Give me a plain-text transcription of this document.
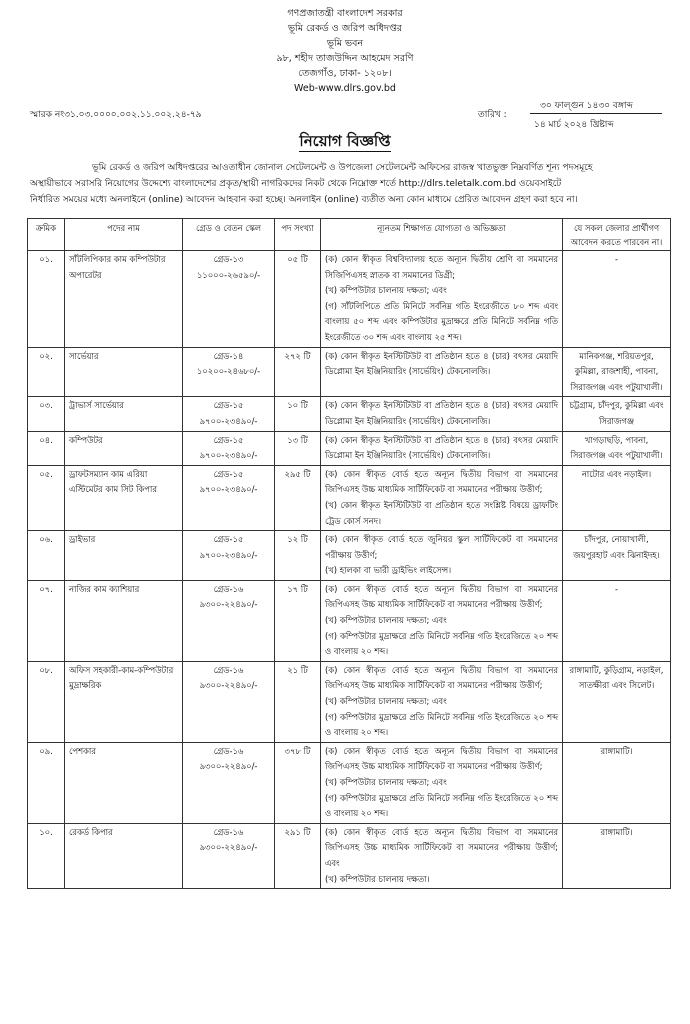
গণপ্রজাতন্ত্রী বাংলাদেশ সরকার
ভূমি রেকর্ড ও জরিপ অধিদপ্তর
ভূমি ভবন
৯৮, শহীদ তাজউদ্দিন আহমেদ সরণি
তেজগাঁও, ঢাকা- ১২০৮।
Web-www.dlrs.gov.bd
স্মারক নং৩১.০৩.০০০০.০০২.১১.০০২.২৪-৭৯	তারিখ :
৩০ ফাল্গুন ১৪৩০ বঙ্গাব্দ
১৪ মার্চ ২০২৪ খ্রিষ্টাব্দ
নিয়োগ বিজ্ঞপ্তি

ভূমি রেকর্ড ও জরিপ অধিদপ্তরের আওতাধীন জোনাল সেটেলমেন্ট ও উপজেলা সেটেলমেন্ট অফিসের রাজস্ব খাতভুক্ত নিম্নবর্ণিত শূন্য পদসমূহে

অস্থায়ীভাবে সরাসরি নিয়োগের উদ্দেশ্যে বাংলাদেশের প্রকৃত/স্থায়ী নাগরিকদের নিকট থেকে নিম্নোক্ত শর্তে http://dlrs.teletalk.com.bd ওয়েবসাইটে

নির্ধারিত সময়ের মধ্যে অনলাইনে (online) আবেদন আহবান করা হচ্ছে। অনলাইন (online) ব্যতীত অন্য কোন মাধ্যমে প্রেরিত আবেদন গ্রহণ করা হবে না।

ক্রমিক	পদের নাম	গ্রেড ও বেতন স্কেল	পদ সংখ্যা	ন্যূনতম শিক্ষাগত যোগ্যতা ও অভিজ্ঞতা	যে সকল জেলার প্রার্থীগণ আবেদন করতে পারবেন না।
০১.	সাঁটলিপিকার কাম কম্পিউটার অপারেটর	গ্রেড-১৩
১১০০০-২৬৫৯০/-	০৫ টি	(ক) কোন স্বীকৃত বিশ্ববিদ্যালয় হতে অন্যূন দ্বিতীয় শ্রেণি বা সমমানের সিজিপিএসহ স্নাতক বা সমমানের ডিগ্রী;
(খ) কম্পিউটার চালনায় দক্ষতা; এবং
(গ) সাঁটলিপিতে প্রতি মিনিটে সর্বনিম্ন গতি ইংরেজীতে ৮০ শব্দ এবং বাংলায় ৫০ শব্দ এবং কম্পিউটার মুদ্রাক্ষরে প্রতি মিনিটে সর্বনিম্ন গতি ইংরেজীতে ৩০ শব্দ এবং বাংলায় ২৫ শব্দ।	-
০২.	সার্ভেয়ার	গ্রেড-১৪
১০২০০-২৪৬৮০/-	২৭২ টি	(ক) কোন স্বীকৃত ইনস্টিটিউট বা প্রতিষ্ঠান হতে ৪ (চার) বৎসর মেয়াদি ডিপ্লোমা ইন ইঞ্জিনিয়ারিং (সার্ভেয়িং) টেকনোলজি।	মানিকগঞ্জ, শরিয়তপুর, কুমিল্লা, রাজশাহী, পাবনা, সিরাজগঞ্জ এবং পটুয়াখালী।
০৩.	ট্রাভার্স সার্ভেয়ার	গ্রেড-১৫
৯৭০০-২৩৪৯০/-	১০ টি	(ক) কোন স্বীকৃত ইনস্টিটিউট বা প্রতিষ্ঠান হতে ৪ (চার) বৎসর মেয়াদি ডিপ্লোমা ইন ইঞ্জিনিয়ারিং (সার্ভেয়িং) টেকনোলজি।	চট্টগ্রাম, চাঁদপুর, কুমিল্লা এবং সিরাজগঞ্জ
০৪.	কম্পিউটর	গ্রেড-১৫
৯৭০০-২৩৪৯০/-	১৩ টি	(ক) কোন স্বীকৃত ইনস্টিটিউট বা প্রতিষ্ঠান হতে ৪ (চার) বৎসর মেয়াদি ডিপ্লোমা ইন ইঞ্জিনিয়ারিং (সার্ভেয়িং) টেকনোলজি।	খাগড়াছড়ি, পাবনা, সিরাজগঞ্জ এবং পটুয়াখালী।
০৫.	ড্রাফটসম্যান কাম এরিয়া এস্টিমেটর কাম সিট কিপার	গ্রেড-১৫
৯৭০০-২৩৪৯০/-	২৯৫ টি	(ক) কোন স্বীকৃত বোর্ড হতে অন্যূন দ্বিতীয় বিভাগ বা সমমানের জিপিএসহ উচ্চ মাধ্যমিক সার্টিফিকেট বা সমমানের পরীক্ষায় উত্তীর্ণ;
(খ) কোন স্বীকৃত ইনস্টিটিউট বা প্রতিষ্ঠান হতে সংশ্লিষ্ট বিষয়ে ড্রাফটিং ট্রেড কোর্স সনদ।	নাটোর এবং নড়াইল।
০৬.	ড্রাইভার	গ্রেড-১৫
৯৭০০-২৩৪৯০/-	১২ টি	(ক) কোন স্বীকৃত বোর্ড হতে জুনিয়র স্কুল সার্টিফিকেট বা সমমানের পরীক্ষায় উত্তীর্ণ;
(খ) হালকা বা ভারী ড্রাইভিং লাইসেন্স।	চাঁদপুর, নোয়াখালী, জয়পুরহাট এবং ঝিনাইদহ।
০৭.	নাজির কাম ক্যাশিয়ার	গ্রেড-১৬
৯৩০০-২২৪৯০/-	১৭ টি	(ক) কোন স্বীকৃত বোর্ড হতে অন্যূন দ্বিতীয় বিভাগ বা সমমানের জিপিএসহ উচ্চ মাধ্যমিক সার্টিফিকেট বা সমমানের পরীক্ষায় উত্তীর্ণ;
(খ) কম্পিউটার চালনায় দক্ষতা; এবং
(গ) কম্পিউটার মুদ্রাক্ষরে প্রতি মিনিটে সর্বনিম্ন গতি ইংরেজিতে ২০ শব্দ ও বাংলায় ২০ শব্দ।	-
০৮.	অফিস সহকারী-কাম-কম্পিউটার মুদ্রাক্ষরিক	গ্রেড-১৬
৯৩০০-২২৪৯০/-	২১ টি	(ক) কোন স্বীকৃত বোর্ড হতে অন্যূন দ্বিতীয় বিভাগ বা সমমানের জিপিএসহ উচ্চ মাধ্যমিক সার্টিফিকেট বা সমমানের পরীক্ষায় উত্তীর্ণ;
(খ) কম্পিউটার চালনায় দক্ষতা; এবং
(গ) কম্পিউটার মুদ্রাক্ষরে প্রতি মিনিটে সর্বনিম্ন গতি ইংরেজিতে ২০ শব্দ ও বাংলায় ২০ শব্দ।	রাঙ্গামাটি, কুড়িগ্রাম, নড়াইল, সাতক্ষীরা এবং সিলেট।
০৯.	পেশকার	গ্রেড-১৬
৯৩০০-২২৪৯০/-	৩৭৮ টি	(ক) কোন স্বীকৃত বোর্ড হতে অন্যূন দ্বিতীয় বিভাগ বা সমমানের জিপিএসহ উচ্চ মাধ্যমিক সার্টিফিকেট বা সমমানের পরীক্ষায় উত্তীর্ণ;
(খ) কম্পিউটার চালনায় দক্ষতা; এবং
(গ) কম্পিউটার মুদ্রাক্ষরে প্রতি মিনিটে সর্বনিম্ন গতি ইংরেজিতে ২০ শব্দ ও বাংলায় ২০ শব্দ।	রাঙ্গামাটি।
১০.	রেকর্ড কিপার	গ্রেড-১৬
৯৩০০-২২৪৯০/-	২৯১ টি	(ক) কোন স্বীকৃত বোর্ড হতে অন্যূন দ্বিতীয় বিভাগ বা সমমানের জিপিএসহ উচ্চ মাধ্যমিক সার্টিফিকেট বা সমমানের পরীক্ষায় উত্তীর্ণ; এবং
(খ) কম্পিউটার চালনায় দক্ষতা।	রাঙ্গামাটি।
